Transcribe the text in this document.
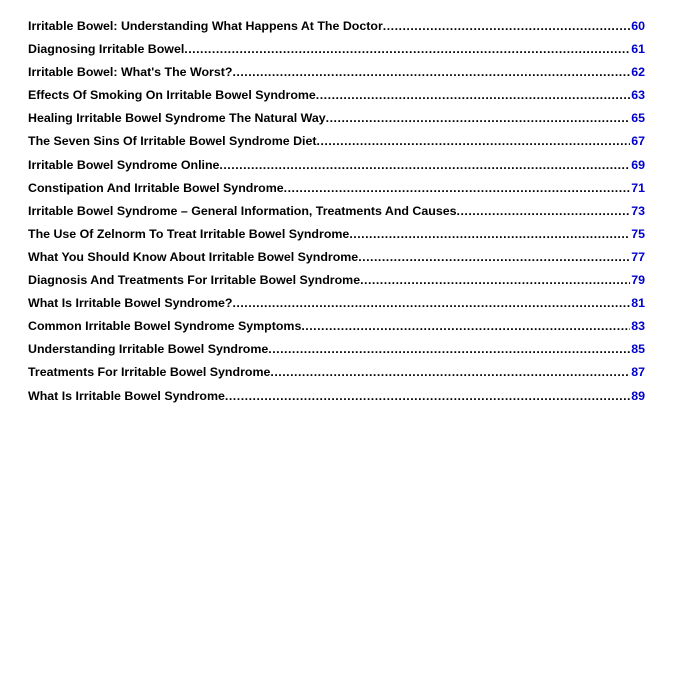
Irritable Bowel: Understanding What Happens At The Doctor .....	60
Diagnosing Irritable Bowel .....	61
Irritable Bowel: What's The Worst? .....	62
Effects Of Smoking On Irritable Bowel Syndrome .....	63
Healing Irritable Bowel Syndrome The Natural Way .....	65
The Seven Sins Of Irritable Bowel Syndrome Diet .....	67
Irritable Bowel Syndrome Online .....	69
Constipation And Irritable Bowel Syndrome .....	71
Irritable Bowel Syndrome – General Information, Treatments And Causes .....	73
The Use Of Zelnorm To Treat Irritable Bowel Syndrome .....	75
What You Should Know About Irritable Bowel Syndrome .....	77
Diagnosis And Treatments For Irritable Bowel Syndrome .....	79
What Is Irritable Bowel Syndrome? .....	81
Common Irritable Bowel Syndrome Symptoms .....	83
Understanding Irritable Bowel Syndrome .....	85
Treatments For Irritable Bowel Syndrome .....	87
What Is Irritable Bowel Syndrome .....	89
